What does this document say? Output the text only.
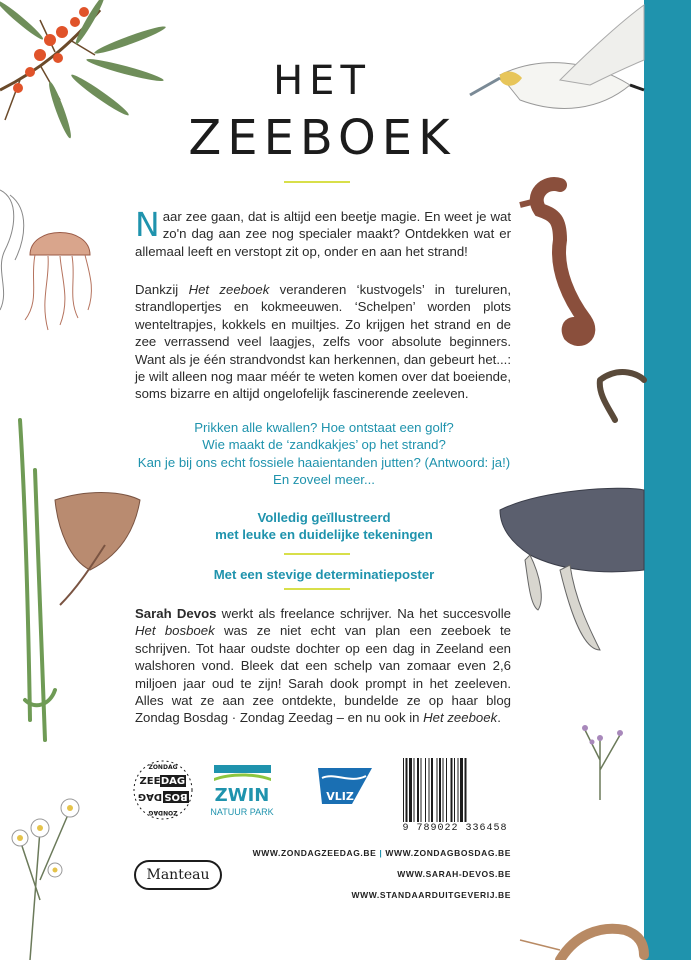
HET
ZEEBOEK
Naar zee gaan, dat is altijd een beetje magie. En weet je wat zo'n dag aan zee nog specialer maakt? Ontdekken wat er allemaal leeft en verstopt zit op, onder en aan het strand!
Dankzij Het zeeboek veranderen ‘kustvogels’ in tureluren, strandlopertjes en kokmeeuwen. ‘Schelpen’ worden plots wenteltrapjes, kokkels en muiltjes. Zo krijgen het strand en de zee verrassend veel laagjes, zelfs voor absolute beginners. Want als je één strandvondst kan herkennen, dan gebeurt het...: je wilt alleen nog maar méér te weten komen over dat boeiende, soms bizarre en altijd ongelofelijk fascinerende zeeleven.
Prikken alle kwallen? Hoe ontstaat een golf?
Wie maakt de ‘zandkakjes’ op het strand?
Kan je bij ons echt fossiele haaientanden jutten? (Antwoord: ja!)
En zoveel meer...
Volledig geïllustreerd
met leuke en duidelijke tekeningen
Met een stevige determinatieposter
Sarah Devos werkt als freelance schrijver. Na het succesvolle Het bosboek was ze niet echt van plan een zeeboek te schrijven. Tot haar oudste dochter op een dag in Zeeland een walshoren vond. Bleek dat een schelp van zomaar even 2,6 miljoen jaar oud te zijn! Sarah dook prompt in het zeeleven. Alles wat ze aan zee ontdekte, bundelde ze op haar blog Zondag Bosdag · Zondag Zeedag – en nu ook in Het zeeboek.
ZONDAG
ZEE DAG
BOS
DAG
ZONDAG
ZWIN
NATUUR PARK
VLIZ
9 789022 336458
WWW.ZONDAGZEEDAG.BE | WWW.ZONDAGBOSDAG.BE
WWW.SARAH-DEVOS.BE
WWW.STANDAARDUITGEVERIJ.BE
Manteau
